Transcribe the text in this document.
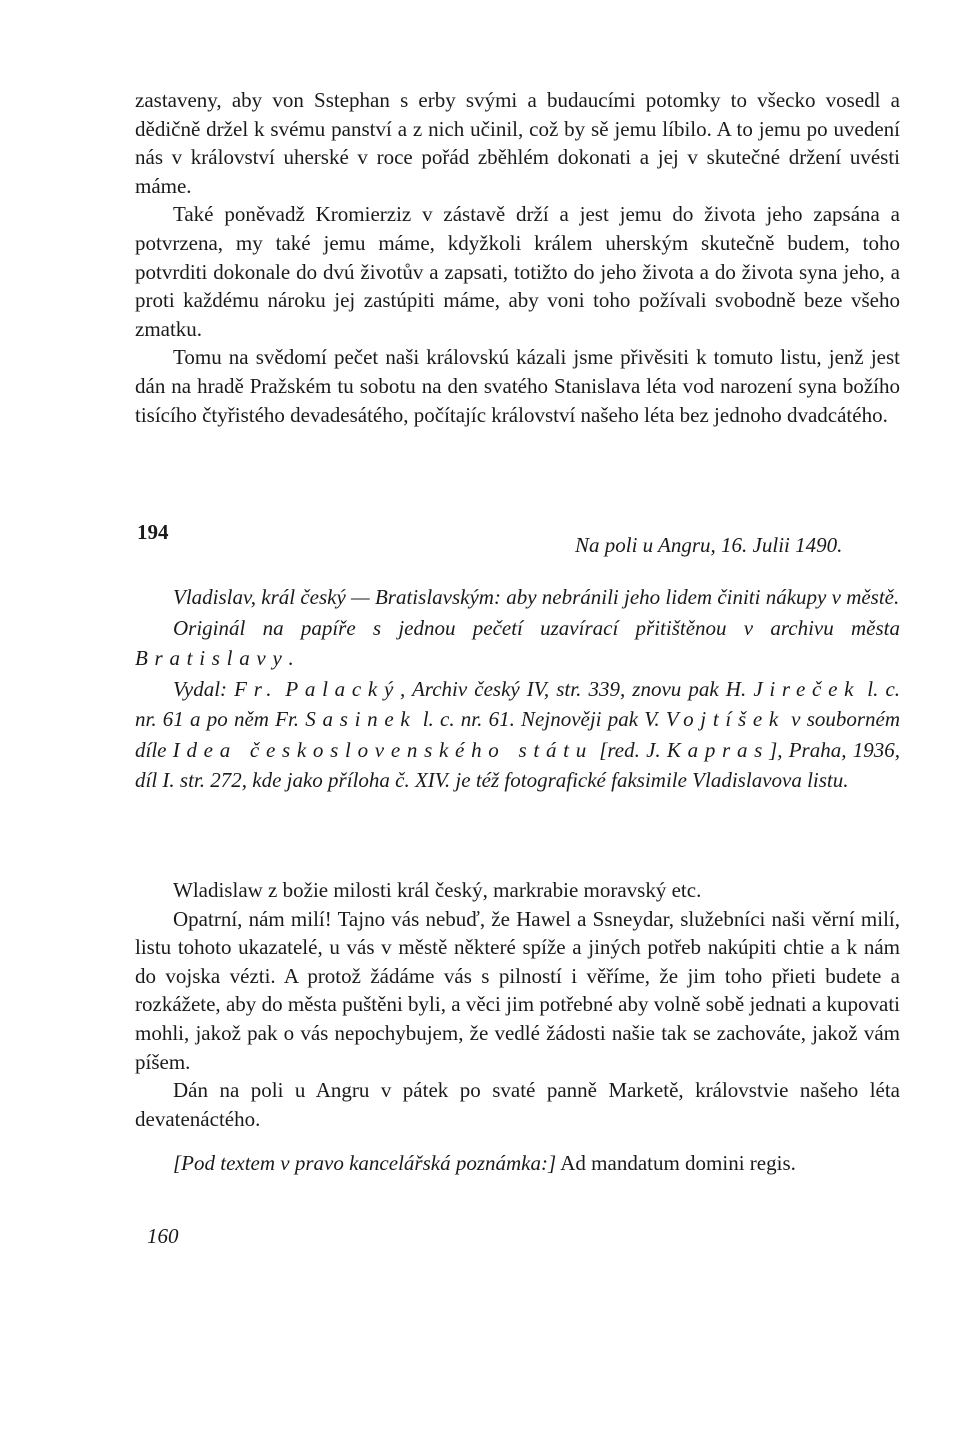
zastaveny, aby von Sstephan s erby svými a budaucími potomky to všecko vosedl a dědičně držel k svému panství a z nich učinil, což by sě jemu líbilo. A to jemu po uvedení nás v království uherské v roce pořád zběhlém dokonati a jej v skutečné držení uvésti máme.

Také poněvadž Kromierziz v zástavě drží a jest jemu do života jeho zapsána a potvrzena, my také jemu máme, kdyžkoli králem uherským skutečně budem, toho potvrditi dokonale do dvú životův a zapsati, totižto do jeho života a do života syna jeho, a proti každému nároku jej zastúpiti máme, aby voni toho požívali svobodně beze všeho zmatku.

Tomu na svědomí pečet naši královskú kázali jsme přivěsiti k tomuto listu, jenž jest dán na hradě Pražském tu sobotu na den svatého Stanislava léta vod narození syna božího tisícího čtyřistého devadesátého, počítajíc království našeho léta bez jednoho dvadcátého.

194
Na poli u Angru, 16. Julii 1490.

Vladislav, král český — Bratislavským: aby nebránili jeho lidem činiti nákupy v městě.

Originál na papíře s jednou pečetí uzavírací přitištěnou v archivu města Bratislavy.

Vydal: Fr. Palacký, Archiv český IV, str. 339, znovu pak H. Jireček l. c. nr. 61 a po něm Fr. Sasinek l. c. nr. 61. Nejnověji pak V. Vojtíšek v souborném díle Idea československého státu [red. J. Kapras], Praha, 1936, díl I. str. 272, kde jako příloha č. XIV. je též fotografické faksimile Vladislavova listu.

Wladislaw z božie milosti král český, markrabie moravský etc.

Opatrní, nám milí! Tajno vás nebuď, že Hawel a Ssneydar, služebníci naši věrní milí, listu tohoto ukazatelé, u vás v městě některé spíže a jiných potřeb nakúpiti chtie a k nám do vojska vézti. A protož žádáme vás s pilností i věříme, že jim toho přieti budete a rozkážete, aby do města puštěni byli, a věci jim potřebné aby volně sobě jednati a kupovati mohli, jakož pak o vás nepochybujem, že vedlé žádosti našie tak se zachováte, jakož vám píšem.

Dán na poli u Angru v pátek po svaté panně Marketě, královstvie našeho léta devatenáctého.

[Pod textem v pravo kancelářská poznámka:] Ad mandatum domini regis.

160
